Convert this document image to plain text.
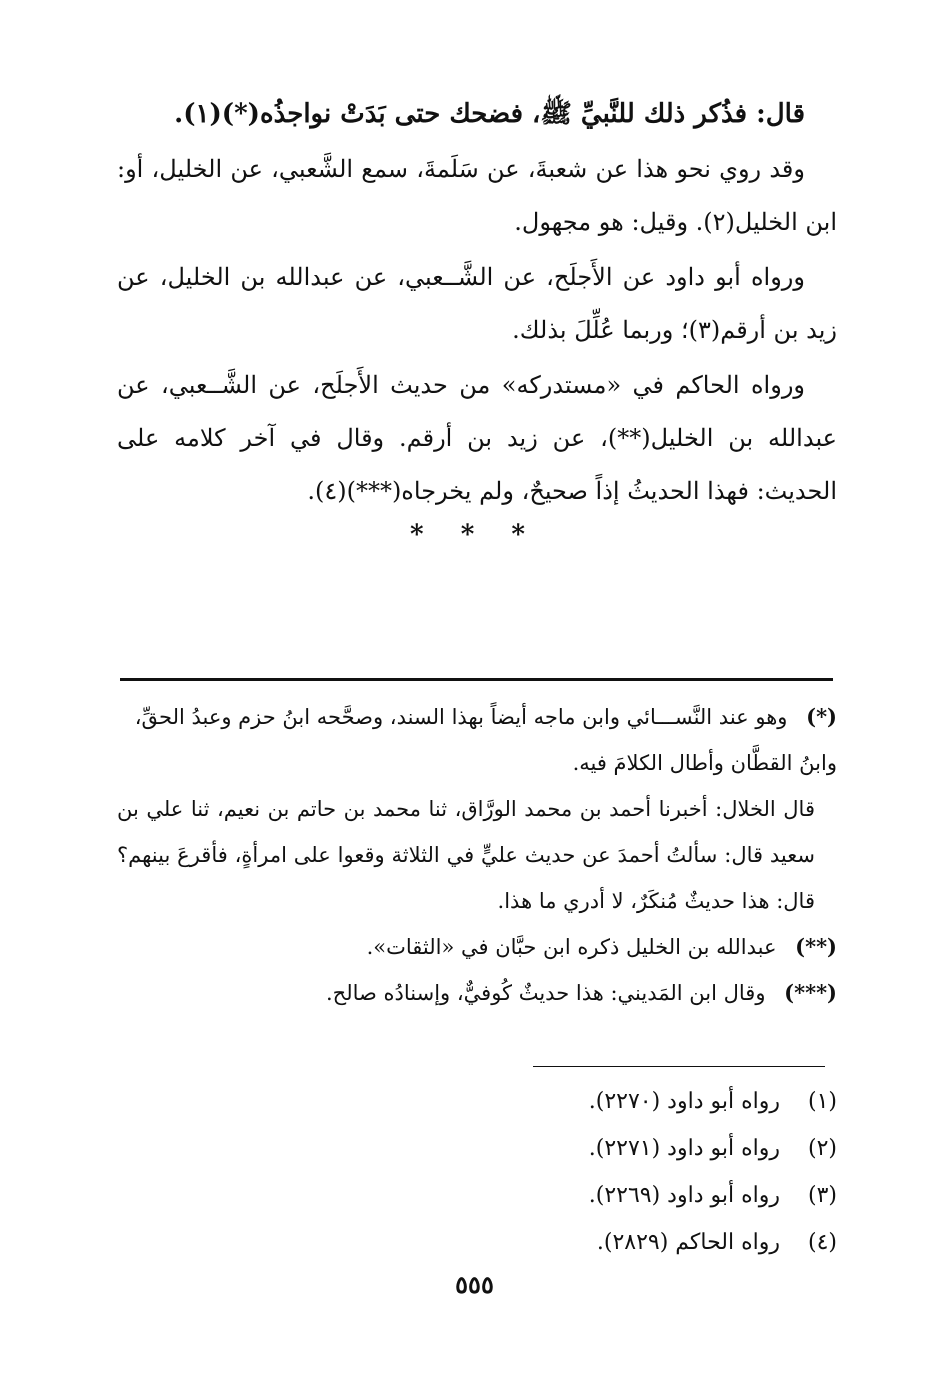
قال: فذُكر ذلك للنَّبيِّ ﷺ، فضحك حتى بَدَتْ نواجذُه(*)(١).

وقد روي نحو هذا عن شعبةَ، عن سَلَمةَ، سمع الشَّعبي، عن الخليل، أو: ابن الخليل(٢). وقيل: هو مجهول.

ورواه أبو داود عن الأَجلَح، عن الشَّــعبي، عن عبدالله بن الخليل، عن زيد بن أرقم(٣)؛ وربما عُلِّلَ بذلك.

ورواه الحاكم في «مستدركه» من حديث الأَجلَح، عن الشَّــعبي، عن عبدالله بن الخليل(**)، عن زيد بن أرقم. وقال في آخر كلامه على الحديث: فهذا الحديثُ إذاً صحيحٌ، ولم يخرجاه(***)(٤).

* * *
(*) وهو عند النَّســـائي وابن ماجه أيضاً بهذا السند، وصحَّحه ابنُ حزم وعبدُ الحقِّ، وابنُ القطَّان وأطال الكلامَ فيه.
قال الخلال: أخبرنا أحمد بن محمد الورَّاق، ثنا محمد بن حاتم بن نعيم، ثنا علي بن سعيد قال: سألتُ أحمدَ عن حديث عليٍّ في الثلاثة وقعوا على امرأةٍ، فأقرعَ بينهم؟ قال: هذا حديثٌ مُنكَرٌ، لا أدري ما هذا.
(**) عبدالله بن الخليل ذكره ابن حبَّان في «الثقات».
(***) وقال ابن المَديني: هذا حديثٌ كُوفيٌّ، وإسنادُه صالح.
(١) رواه أبو داود (٢٢٧٠).
(٢) رواه أبو داود (٢٢٧١).
(٣) رواه أبو داود (٢٢٦٩).
(٤) رواه الحاكم (٢٨٢٩).
٥٥٥
